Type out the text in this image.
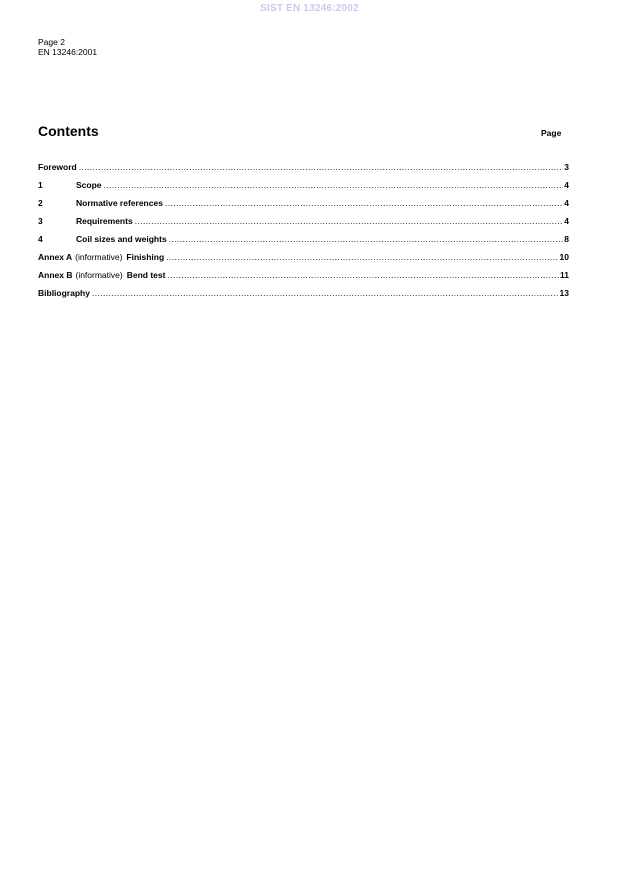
SIST EN 13246:2002
Page 2
EN 13246:2001
Contents	Page
Foreword .....	3
1	Scope .....	4
2	Normative references .....	4
3	Requirements .....	4
4	Coil sizes and weights .....	8
Annex A (informative) Finishing .....	10
Annex B (informative) Bend test .....	11
Bibliography .....	13
